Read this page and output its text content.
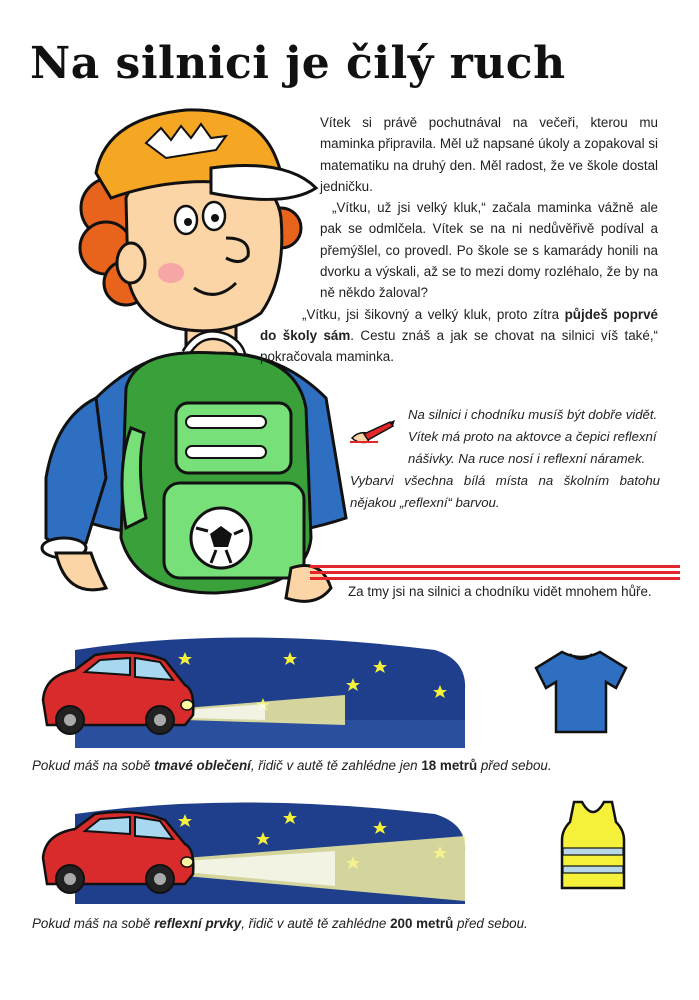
Na silnici je čilý ruch

Vítek si právě pochutnával na večeři, kterou mu maminka připravila. Měl už napsané úkoly a zopakoval si matematiku na druhý den. Měl radost, že ve škole dostal jedničku.

„Vítku, už jsi velký kluk,“ začala maminka vážně ale pak se odmlčela. Vítek se na ni nedůvěřivě podíval a přemýšlel, co provedl. Po škole se s kamarády honili na dvorku a výskali, až se to mezi domy rozléhalo, že by na ně někdo žaloval?

„Vítku, jsi šikovný a velký kluk, proto zítra půjdeš poprvé do školy sám. Cestu znáš a jak se chovat na silnici víš také,“ pokračovala maminka.

Na silnici i chodníku musíš být dobře vidět.
Vítek má proto na aktovce a čepici reflexní
nášivky. Na ruce nosí i reflexní náramek.
Vybarvi všechna bílá místa na školním batohu nějakou „reflexní“ barvou.
Za tmy jsi na silnici a chodníku vidět mnohem hůře.
Pokud máš na sobě tmavé oblečení, řidič v autě tě zahlédne jen 18 metrů před sebou.
Pokud máš na sobě reflexní prvky, řidič v autě tě zahlédne 200 metrů před sebou.
